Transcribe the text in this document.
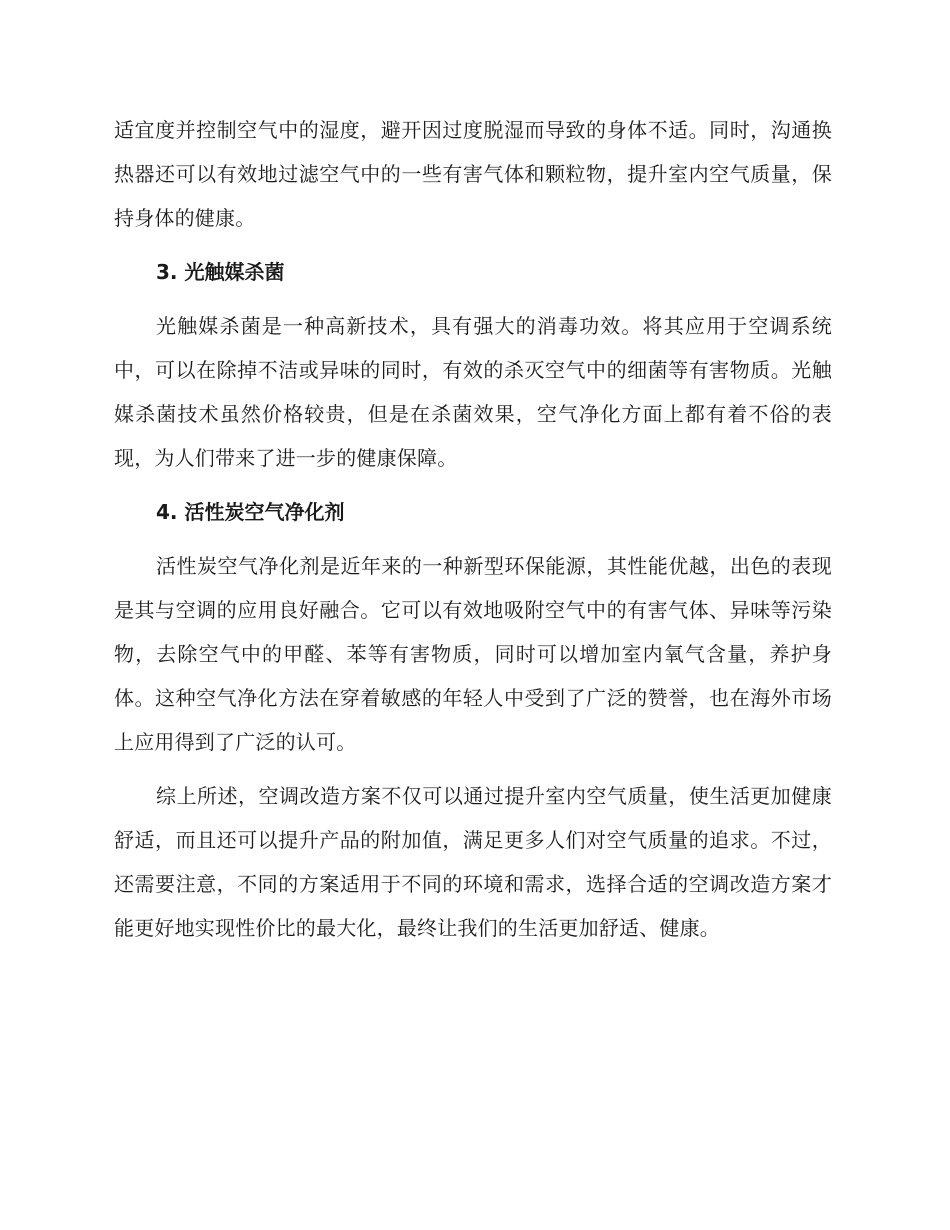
适宜度并控制空气中的湿度，避开因过度脱湿而导致的身体不适。同时，沟通换热器还可以有效地过滤空气中的一些有害气体和颗粒物，提升室内空气质量，保持身体的健康。

3. 光触媒杀菌

光触媒杀菌是一种高新技术，具有强大的消毒功效。将其应用于空调系统中，可以在除掉不洁或异味的同时，有效的杀灭空气中的细菌等有害物质。光触媒杀菌技术虽然价格较贵，但是在杀菌效果，空气净化方面上都有着不俗的表现，为人们带来了进一步的健康保障。

4. 活性炭空气净化剂

活性炭空气净化剂是近年来的一种新型环保能源，其性能优越，出色的表现是其与空调的应用良好融合。它可以有效地吸附空气中的有害气体、异味等污染物，去除空气中的甲醛、苯等有害物质，同时可以增加室内氧气含量，养护身体。这种空气净化方法在穿着敏感的年轻人中受到了广泛的赞誉，也在海外市场上应用得到了广泛的认可。

综上所述，空调改造方案不仅可以通过提升室内空气质量，使生活更加健康舒适，而且还可以提升产品的附加值，满足更多人们对空气质量的追求。不过，还需要注意，不同的方案适用于不同的环境和需求，选择合适的空调改造方案才能更好地实现性价比的最大化，最终让我们的生活更加舒适、健康。
